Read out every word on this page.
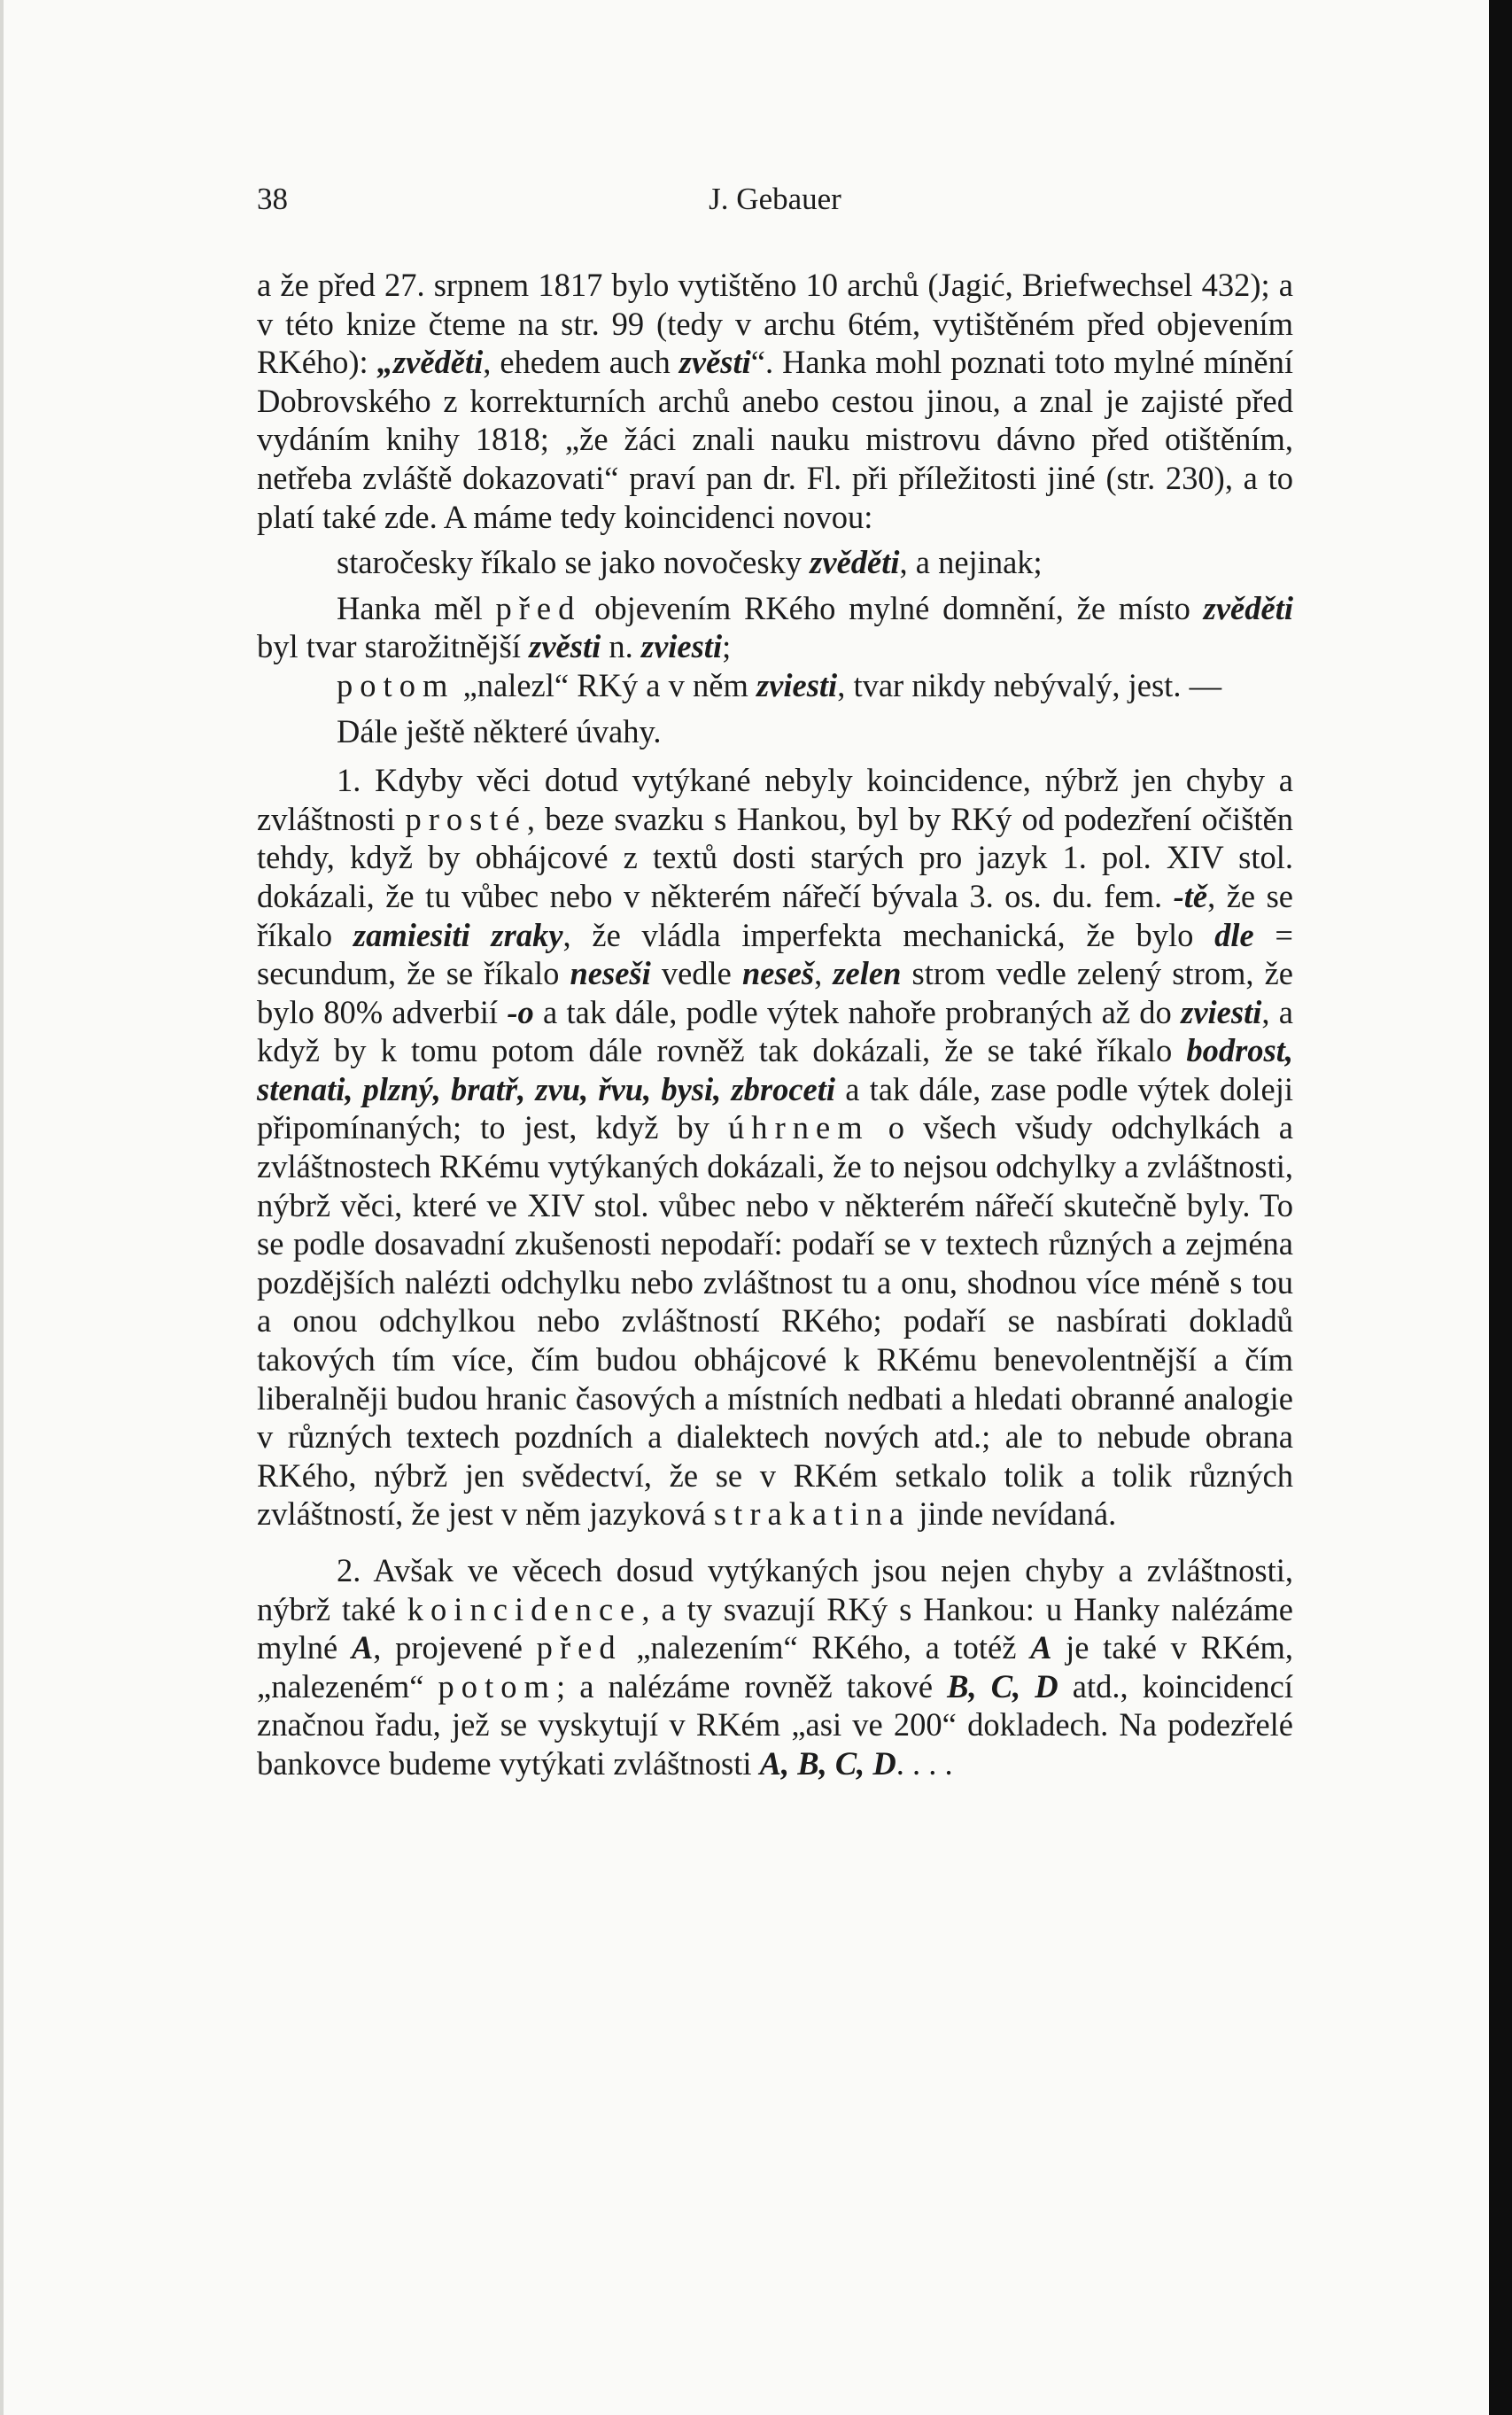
38	J. Gebauer

a že před 27. srpnem 1817 bylo vytištěno 10 archů (Jagić, Briefwechsel 432); a v této knize čteme na str. 99 (tedy v archu 6tém, vytištěném před objevením RKého): „zvěděti, ehedem auch zvěsti“. Hanka mohl poznati toto mylné mínění Dobrovského z korrekturních archů anebo cestou jinou, a znal je zajisté před vydáním knihy 1818; „že žáci znali nauku mistrovu dávno před otištěním, netřeba zvláště dokazovati“ praví pan dr. Fl. při příležitosti jiné (str. 230), a to platí také zde. A máme tedy koincidenci novou:

staročesky říkalo se jako novočesky zvěděti, a nejinak;

Hanka měl před objevením RKého mylné domnění, že místo zvěděti byl tvar starožitnější zvěsti n. zviesti;

potom „nalezl“ RKý a v něm zviesti, tvar nikdy nebývalý, jest. —

Dále ještě některé úvahy.

1. Kdyby věci dotud vytýkané nebyly koincidence, nýbrž jen chyby a zvláštnosti prosté, beze svazku s Hankou, byl by RKý od podezření očištěn tehdy, když by obhájcové z textů dosti starých pro jazyk 1. pol. XIV stol. dokázali, že tu vůbec nebo v některém nářečí bývala 3. os. du. fem. -tě, že se říkalo zamiesiti zraky, že vládla imperfekta mechanická, že bylo dle = secundum, že se říkalo neseši vedle neseš, zelen strom vedle zelený strom, že bylo 80% adverbií -o a tak dále, podle výtek nahoře probraných až do zviesti, a když by k tomu potom dále rovněž tak dokázali, že se také říkalo bodrost, stenati, plzný, bratř, zvu, řvu, bysi, zbroceti a tak dále, zase podle výtek doleji připomínaných; to jest, když by úhrnem o všech všudy odchylkách a zvláštnostech RKému vytýkaných dokázali, že to nejsou odchylky a zvláštnosti, nýbrž věci, které ve XIV stol. vůbec nebo v některém nářečí skutečně byly. To se podle dosavadní zkušenosti nepodaří: podaří se v textech různých a zejména pozdějších nalézti odchylku nebo zvláštnost tu a onu, shodnou více méně s tou a onou odchylkou nebo zvláštností RKého; podaří se nasbírati dokladů takových tím více, čím budou obhájcové k RKému benevolentnější a čím liberalněji budou hranic časových a místních nedbati a hledati obranné analogie v různých textech pozdních a dialektech nových atd.; ale to nebude obrana RKého, nýbrž jen svědectví, že se v RKém setkalo tolik a tolik různých zvláštností, že jest v něm jazyková strakatina jinde nevídaná.

2. Avšak ve věcech dosud vytýkaných jsou nejen chyby a zvláštnosti, nýbrž také koincidence, a ty svazují RKý s Hankou: u Hanky nalézáme mylné A, projevené před „nalezením“ RKého, a totéž A je také v RKém, „nalezeném“ potom; a nalézáme rovněž takové B, C, D atd., koincidencí značnou řadu, jež se vyskytují v RKém „asi ve 200“ dokladech. Na podezřelé bankovce budeme vytýkati zvláštnosti A, B, C, D. . . .
